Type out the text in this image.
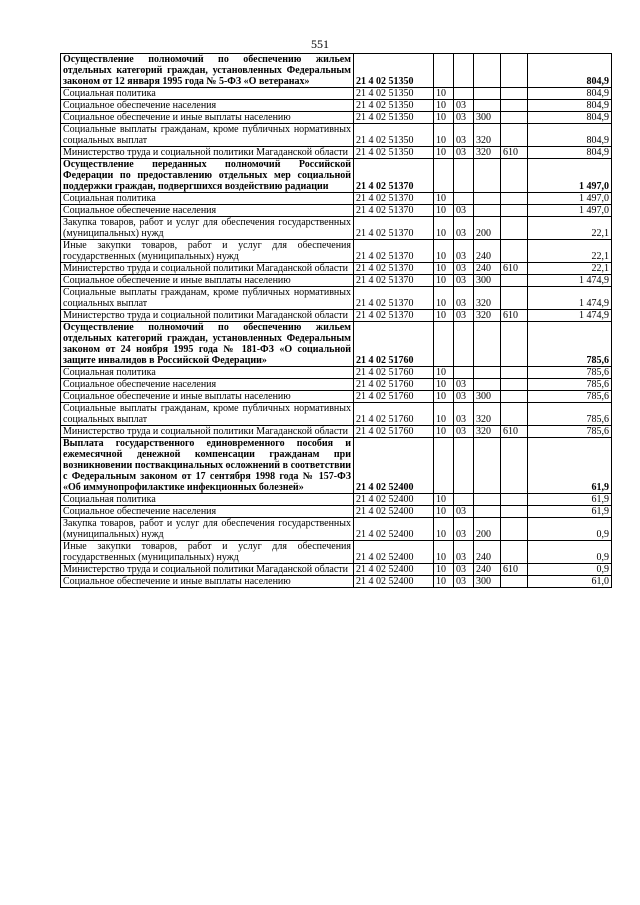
551
Осуществление полномочий по обеспечению жильем отдельных категорий граждан, установленных Федеральным законом от 12 января 1995 года № 5-ФЗ «О ветеранах»	21 4 02 51350					804,9
Социальная политика	21 4 02 51350	10				804,9
Социальное обеспечение населения	21 4 02 51350	10	03			804,9
Социальное обеспечение и иные выплаты населению	21 4 02 51350	10	03	300		804,9
Социальные выплаты гражданам, кроме публичных нормативных социальных выплат	21 4 02 51350	10	03	320		804,9
Министерство труда и социальной политики Магаданской области	21 4 02 51350	10	03	320	610	804,9
Осуществление переданных полномочий Российской Федерации по предоставлению отдельных мер социальной поддержки граждан, подвергшихся воздействию радиации	21 4 02 51370					1 497,0
Социальная политика	21 4 02 51370	10				1 497,0
Социальное обеспечение населения	21 4 02 51370	10	03			1 497,0
Закупка товаров, работ и услуг для обеспечения государственных (муниципальных) нужд	21 4 02 51370	10	03	200		22,1
Иные закупки товаров, работ и услуг для обеспечения государственных (муниципальных) нужд	21 4 02 51370	10	03	240		22,1
Министерство труда и социальной политики Магаданской области	21 4 02 51370	10	03	240	610	22,1
Социальное обеспечение и иные выплаты населению	21 4 02 51370	10	03	300		1 474,9
Социальные выплаты гражданам, кроме публичных нормативных социальных выплат	21 4 02 51370	10	03	320		1 474,9
Министерство труда и социальной политики Магаданской области	21 4 02 51370	10	03	320	610	1 474,9
Осуществление полномочий по обеспечению жильем отдельных категорий граждан, установленных Федеральным законом от 24 ноября 1995 года № 181-ФЗ «О социальной защите инвалидов в Российской Федерации»	21 4 02 51760					785,6
Социальная политика	21 4 02 51760	10				785,6
Социальное обеспечение населения	21 4 02 51760	10	03			785,6
Социальное обеспечение и иные выплаты населению	21 4 02 51760	10	03	300		785,6
Социальные выплаты гражданам, кроме публичных нормативных социальных выплат	21 4 02 51760	10	03	320		785,6
Министерство труда и социальной политики Магаданской области	21 4 02 51760	10	03	320	610	785,6
Выплата государственного единовременного пособия и ежемесячной денежной компенсации гражданам при возникновении поствакцинальных осложнений в соответствии с Федеральным законом от 17 сентября 1998 года № 157-ФЗ «Об иммунопрофилактике инфекционных болезней»	21 4 02 52400					61,9
Социальная политика	21 4 02 52400	10				61,9
Социальное обеспечение населения	21 4 02 52400	10	03			61,9
Закупка товаров, работ и услуг для обеспечения государственных (муниципальных) нужд	21 4 02 52400	10	03	200		0,9
Иные закупки товаров, работ и услуг для обеспечения государственных (муниципальных) нужд	21 4 02 52400	10	03	240		0,9
Министерство труда и социальной политики Магаданской области	21 4 02 52400	10	03	240	610	0,9
Социальное обеспечение и иные выплаты населению	21 4 02 52400	10	03	300		61,0
